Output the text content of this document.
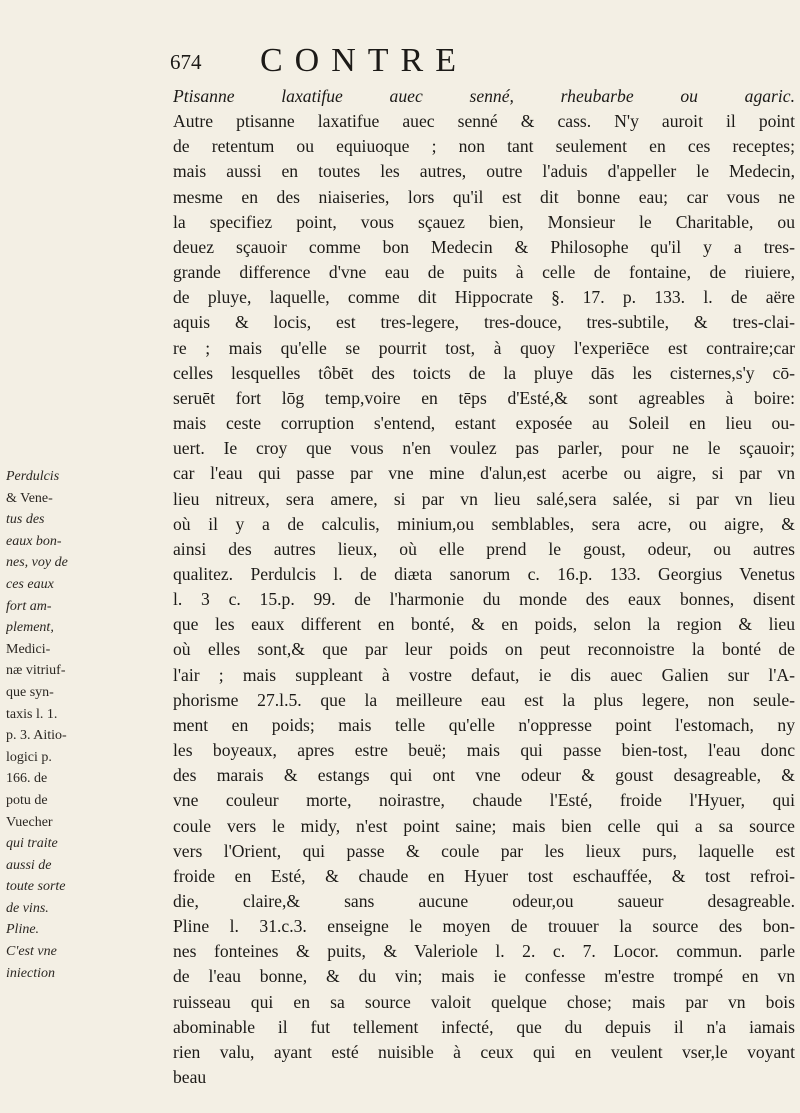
674 CONTRE
Ptisanne laxatifue auec senné, rheubarbe ou agaric.
Autre ptisanne laxatifue auec senné & cass. N'y auroit il point
de retentum ou equiuoque ; non tant seulement en ces receptes;
mais aussi en toutes les autres, outre l'aduis d'appeller le Medecin,
mesme en des niaiseries, lors qu'il est dit bonne eau; car vous ne
la specifiez point, vous sçauez bien, Monsieur le Charitable, ou
deuez sçauoir comme bon Medecin & Philosophe qu'il y a tres-
grande difference d'vne eau de puits à celle de fontaine, de riuiere,
de pluye, laquelle, comme dit Hippocrate §. 17. p. 133. l. de aëre
aquis & locis, est tres-legere, tres-douce, tres-subtile, & tres-clai-
re ; mais qu'elle se pourrit tost, à quoy l'experiēce est contraire;car
celles lesquelles tôbēt des toicts de la pluye dās les cisternes,s'y cō-
seruēt fort lōg temp,voire en tēps d'Esté,& sont agreables à boire:
mais ceste corruption s'entend, estant exposée au Soleil en lieu ou-
uert. Ie croy que vous n'en voulez pas parler, pour ne le sçauoir;
car l'eau qui passe par vne mine d'alun,est acerbe ou aigre, si par vn
lieu nitreux, sera amere, si par vn lieu salé,sera salée, si par vn lieu
où il y a de calculis, minium,ou semblables, sera acre, ou aigre, &
ainsi des autres lieux, où elle prend le goust, odeur, ou autres
qualitez. Perdulcis l. de diæta sanorum c. 16.p. 133. Georgius Venetus
l. 3 c. 15.p. 99. de l'harmonie du monde des eaux bonnes, disent
que les eaux different en bonté, & en poids, selon la region & lieu
où elles sont,& que par leur poids on peut reconnoistre la bonté de
l'air ; mais suppleant à vostre defaut, ie dis auec Galien sur l'A-
phorisme 27.l.5. que la meilleure eau est la plus legere, non seule-
ment en poids; mais telle qu'elle n'oppresse point l'estomach, ny
les boyeaux, apres estre beuë; mais qui passe bien-tost, l'eau donc
des marais & estangs qui ont vne odeur & goust desagreable, &
vne couleur morte, noirastre, chaude l'Esté, froide l'Hyuer, qui
coule vers le midy, n'est point saine; mais bien celle qui a sa source
vers l'Orient, qui passe & coule par les lieux purs, laquelle est
froide en Esté, & chaude en Hyuer tost eschauffée, & tost refroi-
die, claire,& sans aucune odeur,ou saueur desagreable.
Pline l. 31.c.3. enseigne le moyen de trouuer la source des bon-
nes fonteines & puits, & Valeriole l. 2. c. 7. Locor. commun. parle
de l'eau bonne, & du vin; mais ie confesse m'estre trompé en vn
ruisseau qui en sa source valoit quelque chose; mais par vn bois
abominable il fut tellement infecté, que du depuis il n'a iamais
rien valu, ayant esté nuisible à ceux qui en veulent vser,le voyant
beau
Perdulcis
& Vene-
tus des
eaux bon-
nes, voy de
ces eaux
fort am-
plement,
Medici-
næ vitriuf-
que syn-
taxis l. 1.
p. 3. Aitio-
logici p.
166. de
potu de
Vuecher
qui traite
aussi de
toute sorte
de vins.
Pline.
C'est vne
iniection
